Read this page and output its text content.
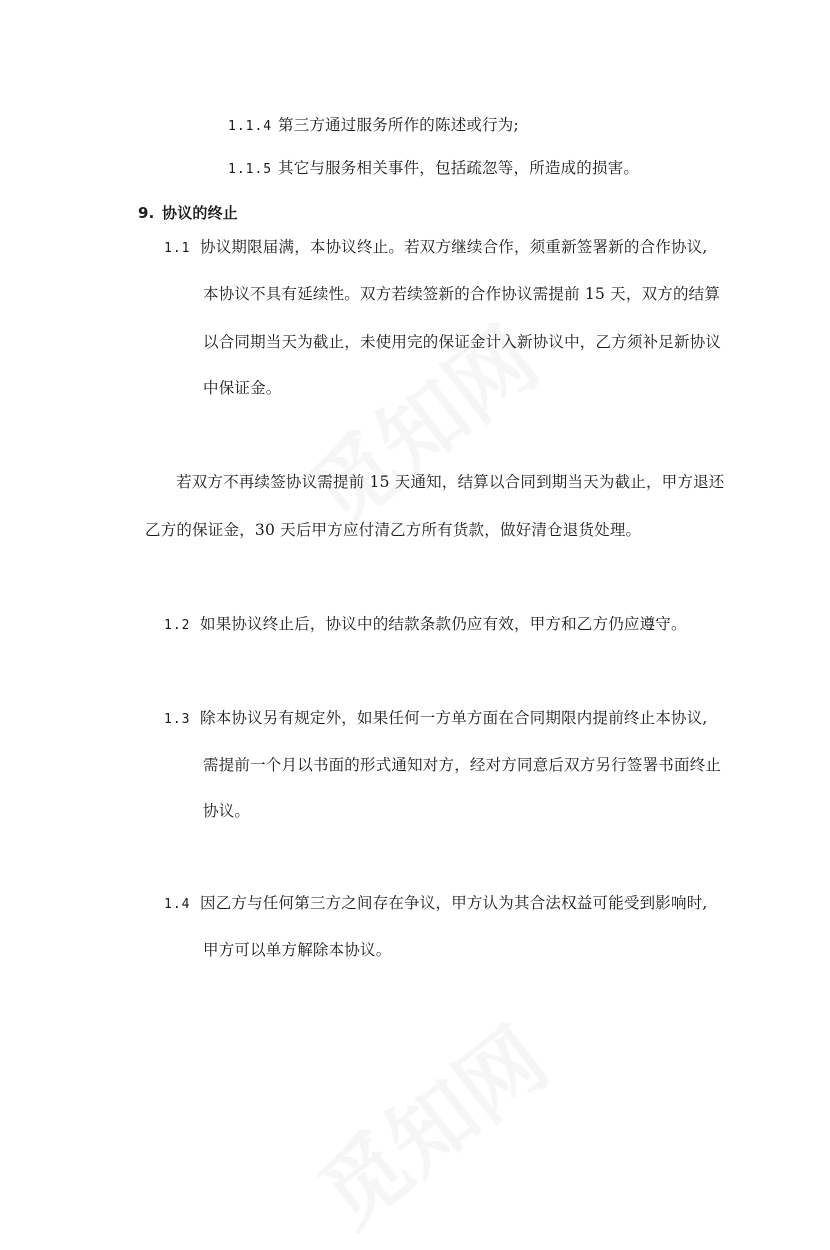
1.1.4 第三方通过服务所作的陈述或行为;
1.1.5 其它与服务相关事件，包括疏忽等，所造成的损害。
9. 协议的终止
1.1 协议期限届满，本协议终止。若双方继续合作，须重新签署新的合作协议,
本协议不具有延续性。双方若续签新的合作协议需提前 15 天，双方的结算
以合同期当天为截止，未使用完的保证金计入新协议中，乙方须补足新协议
中保证金。
若双方不再续签协议需提前 15 天通知，结算以合同到期当天为截止，甲方退还
乙方的保证金，30 天后甲方应付清乙方所有货款，做好清仓退货处理。
1.2 如果协议终止后，协议中的结款条款仍应有效，甲方和乙方仍应遵守。
1.3 除本协议另有规定外，如果任何一方单方面在合同期限内提前终止本协议,
需提前一个月以书面的形式通知对方，经对方同意后双方另行签署书面终止
协议。
1.4 因乙方与任何第三方之间存在争议，甲方认为其合法权益可能受到影响时,
甲方可以单方解除本协议。
